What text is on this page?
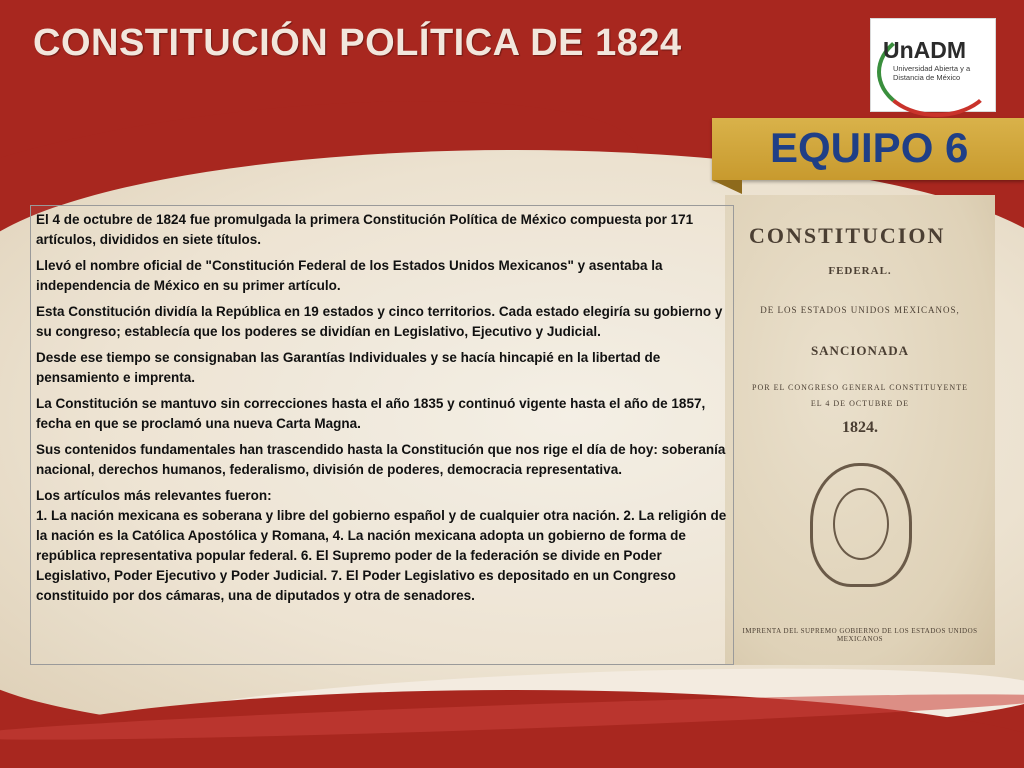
CONSTITUCIÓN POLÍTICA DE 1824	UnADM
Universidad Abierta y a Distancia de México
EQUIPO 6
CONSTITUCION
FEDERAL.
DE LOS ESTADOS UNIDOS MEXICANOS,
SANCIONADA
POR EL CONGRESO GENERAL CONSTITUYENTE
EL 4 DE OCTUBRE DE
1824.
IMPRENTA DEL SUPREMO GOBIERNO DE LOS ESTADOS UNIDOS MEXICANOS

El 4 de octubre de 1824 fue promulgada la primera Constitución Política de México compuesta por 171 artículos, divididos en siete títulos.

Llevó el nombre oficial de "Constitución Federal de los Estados Unidos Mexicanos" y asentaba la independencia de México en su primer artículo.

Esta Constitución dividía la República en 19 estados y cinco territorios. Cada estado elegiría su gobierno y su congreso; establecía que los poderes se dividían en Legislativo, Ejecutivo y Judicial.

Desde ese tiempo se consignaban las Garantías Individuales y se hacía hincapié en la libertad de pensamiento e imprenta.

La Constitución se mantuvo sin correcciones hasta el año 1835 y continuó vigente hasta el año de 1857, fecha en que se proclamó una nueva Carta Magna.

Sus contenidos fundamentales han trascendido hasta la Constitución que nos rige el día de hoy: soberanía nacional, derechos humanos, federalismo, división de poderes, democracia representativa.

Los artículos más relevantes fueron:
1. La nación mexicana es soberana y libre del gobierno español y de cualquier otra nación. 2. La religión de la nación es la Católica Apostólica y Romana, 4. La nación mexicana adopta un gobierno de forma de república representativa popular federal. 6. El Supremo poder de la federación se divide en Poder Legislativo, Poder Ejecutivo y Poder Judicial. 7. El Poder Legislativo es depositado en un Congreso constituido por dos cámaras, una de diputados y otra de senadores.
